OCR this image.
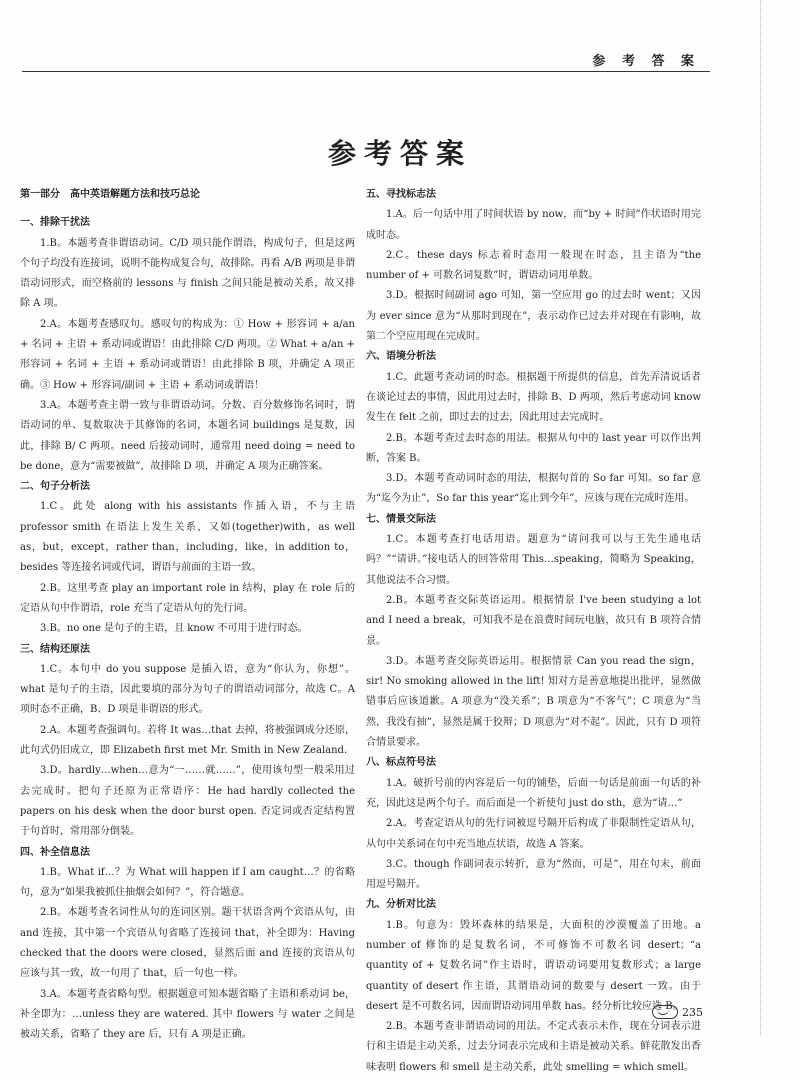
参 考 答 案
参考答案
第一部分　高中英语解题方法和技巧总论
一、排除干扰法
1.B。本题考查非谓语动词。C/D 项只能作谓语，构成句子，但是这两个句子均没有连接词，说明不能构成复合句，故排除。再看 A/B 两项是非谓语动词形式，而空格前的 lessons 与 finish 之间只能是被动关系，故又排除 A 项。
2.A。本题考查感叹句。感叹句的构成为：① How + 形容词 + a/an + 名词 + 主语 + 系动词或谓语！由此排除 C/D 两项。② What + a/an + 形容词 + 名词 + 主语 + 系动词或谓语！由此排除 B 项，并确定 A 项正确。③ How + 形容词/副词 + 主语 + 系动词或谓语！
3.A。本题考查主谓一致与非谓语动词。分数、百分数修饰名词时，谓语动词的单、复数取决于其修饰的名词，本题名词 buildings 是复数，因此，排除 B/ C 两项。need 后接动词时，通常用 need doing = need to be done，意为“需要被做”，故排除 D 项，并确定 A 项为正确答案。
二、句子分析法
1.C。此处 along with his assistants 作插入语，不与主语 professor smith 在语法上发生关系，又如(together)with，as well as，but，except，rather than，including，like，in addition to，besides 等连接名词或代词，谓语与前面的主语一致。
2.B。这里考查 play an important role in 结构，play 在 role 后的定语从句中作谓语，role 充当了定语从句的先行词。
3.B。no one 是句子的主语，且 know 不可用于进行时态。
三、结构还原法
1.C。本句中 do you suppose 是插入语，意为“你认为，你想”。what 是句子的主语，因此要填的部分为句子的谓语动词部分，故选 C。A 项时态不正确，B、D 项是非谓语的形式。
2.A。本题考查强调句。若将 It was…that 去掉，将被强调成分还原，此句式仍旧成立，即 Elizabeth first met Mr. Smith in New Zealand.
3.D。hardly…when…意为“一……就……”，使用该句型一般采用过去完成时。把句子还原为正常语序：He had hardly collected the papers on his desk when the door burst open. 否定词或否定结构置于句首时，常用部分倒装。
四、补全信息法
1.B。What if…？为 What will happen if I am caught…？的省略句，意为“如果我被抓住抽烟会如何？”，符合题意。
2.B。本题考查名词性从句的连词区别。题干状语含两个宾语从句，由 and 连接，其中第一个宾语从句省略了连接词 that，补全即为：Having checked that the doors were closed，显然后面 and 连接的宾语从句应该与其一致，故一句用了 that，后一句也一样。
3.A。本题考查省略句型。根据题意可知本题省略了主语和系动词 be，补全即为：…unless they are watered. 其中 flowers 与 water 之间是被动关系，省略了 they are 后，只有 A 项是正确。
五、寻找标志法
1.A。后一句话中用了时间状语 by now，而“by + 时间”作状语时用完成时态。
2.C。these days 标志着时态用一般现在时态，且主语为“the number of + 可数名词复数”时，谓语动词用单数。
3.D。根据时间副词 ago 可知，第一空应用 go 的过去时 went；又因为 ever since 意为“从那时到现在”，表示动作已过去并对现在有影响，故第二个空应用现在完成时。
六、语境分析法
1.C。此题考查动词的时态。根据题干所提供的信息，首先弄清说话者在谈论过去的事情，因此用过去时，排除 B、D 两项，然后考虑动词 know 发生在 felt 之前，即过去的过去，因此用过去完成时。
2.B。本题考查过去时态的用法。根据从句中的 last year 可以作出判断，答案 B。
3.D。本题考查动词时态的用法，根据句首的 So far 可知。so far 意为“迄今为止”，So far this year“迄止到今年”，应该与现在完成时连用。
七、情景交际法
1.C。本题考查打电话用语。题意为“请问我可以与王先生通电话吗？”“请讲。”接电话人的回答常用 This…speaking，简略为 Speaking，其他说法不合习惯。
2.B。本题考查交际英语运用。根据情景 I've been studying a lot and I need a break，可知我不是在浪费时间玩电脑，故只有 B 项符合情景。
3.D。本题考查交际英语运用。根据情景 Can you read the sign，sir! No smoking allowed in the lift! 知对方是善意地提出批评，显然做错事后应该道歉。A 项意为“没关系”；B 项意为“不客气”；C 项意为“当然，我没有抽”，显然是属于狡辩；D 项意为“对不起”。因此，只有 D 项符合情景要求。
八、标点符号法
1.A。破折号前的内容是后一句的铺垫，后面一句话是前面一句话的补充，因此这是两个句子。而后面是一个祈使句 just do sth，意为“请…”
2.A。考查定语从句的先行词被逗号隔开后构成了非限制性定语从句，从句中关系词在句中充当地点状语，故选 A 答案。
3.C。though 作副词表示转折，意为“然而，可是”，用在句末，前面用逗号隔开。
九、分析对比法
1.B。句意为：毁坏森林的结果是，大面积的沙漠覆盖了田地。a number of 修饰的是复数名词，不可修饰不可数名词 desert；“a quantity of + 复数名词”作主语时，谓语动词要用复数形式；a large quantity of desert 作主语，其谓语动词的数要与 desert 一致。由于 desert 是不可数名词，因而谓语动词用单数 has。经分析比较应选 B。
2.B。本题考查非谓语动词的用法。不定式表示未作，现在分词表示进行和主语是主动关系，过去分词表示完成和主语是被动关系。鲜花散发出香味表明 flowers 和 smell 是主动关系，此处 smelling = which smell。
235
